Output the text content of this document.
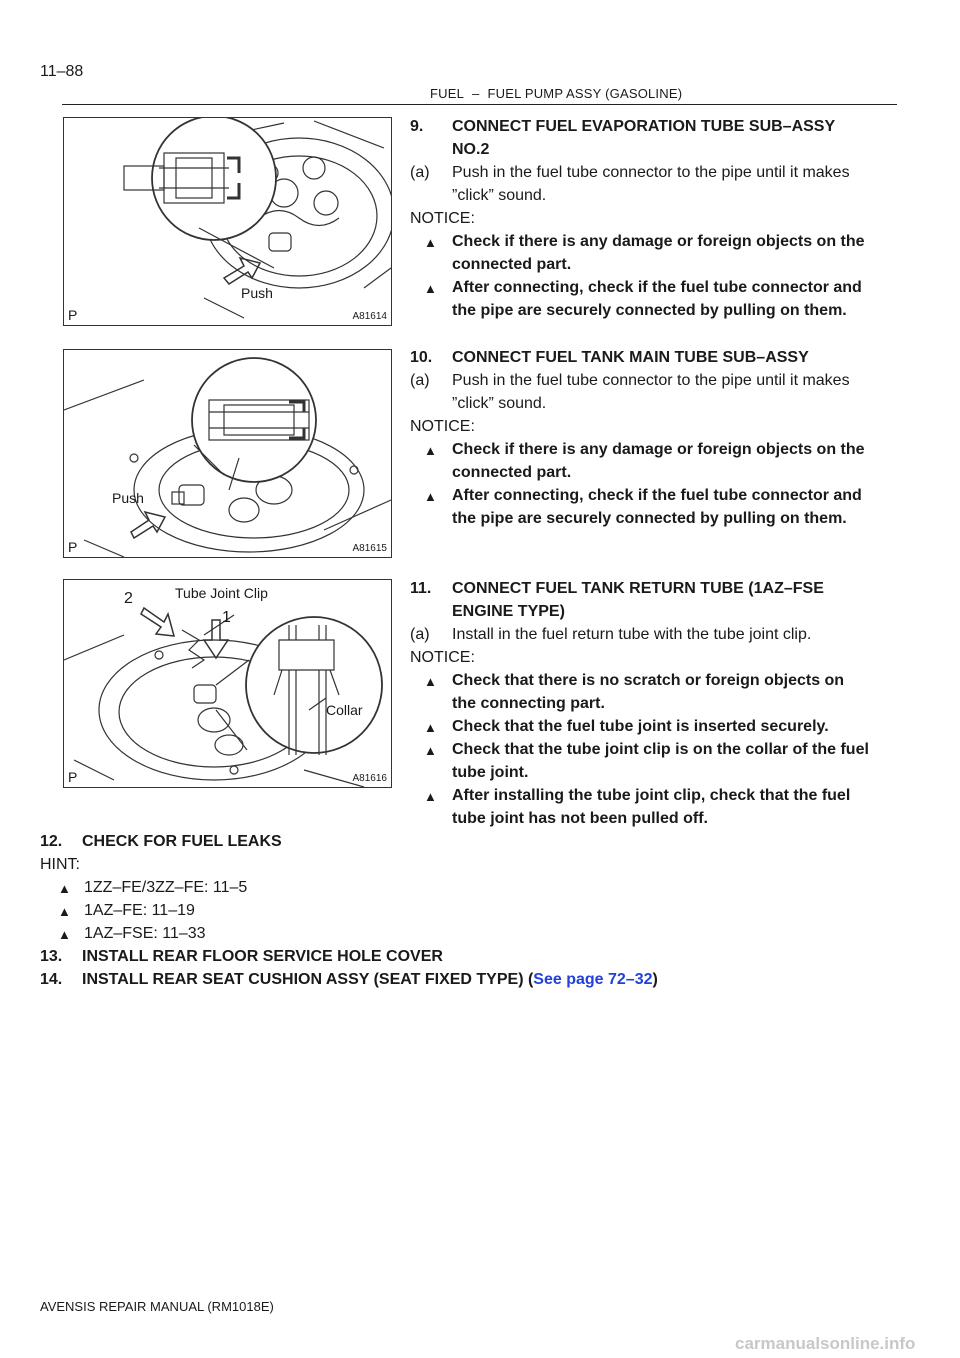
11–88
FUEL – FUEL PUMP ASSY (GASOLINE)
Push
P	A81614
Push
P	A81615
Tube Joint Clip
2
1
Collar
P	A81616
9. CONNECT FUEL EVAPORATION TUBE SUB–ASSY
NO.2
(a) Push in the fuel tube connector to the pipe until it makes
”click” sound.
NOTICE:
▲ Check if there is any damage or foreign objects on the
connected part.
▲ After connecting, check if the fuel tube connector and
the pipe are securely connected by pulling on them.
10. CONNECT FUEL TANK MAIN TUBE SUB–ASSY
(a) Push in the fuel tube connector to the pipe until it makes
”click” sound.
NOTICE:
▲ Check if there is any damage or foreign objects on the
connected part.
▲ After connecting, check if the fuel tube connector and
the pipe are securely connected by pulling on them.
11. CONNECT FUEL TANK RETURN TUBE (1AZ–FSE
ENGINE TYPE)
(a) Install in the fuel return tube with the tube joint clip.
NOTICE:
▲ Check that there is no scratch or foreign objects on
the connecting part.
▲ Check that the fuel tube joint is inserted securely.
▲ Check that the tube joint clip is on the collar of the fuel
tube joint.
▲ After installing the tube joint clip, check that the fuel
tube joint has not been pulled off.
12. CHECK FOR FUEL LEAKS
HINT:
▲ 1ZZ–FE/3ZZ–FE: 11–5
▲ 1AZ–FE: 11–19
▲ 1AZ–FSE: 11–33
13. INSTALL REAR FLOOR SERVICE HOLE COVER
14. INSTALL REAR SEAT CUSHION ASSY (SEAT FIXED TYPE) (See page 72–32)
AVENSIS REPAIR MANUAL (RM1018E)
carmanualsonline.info
